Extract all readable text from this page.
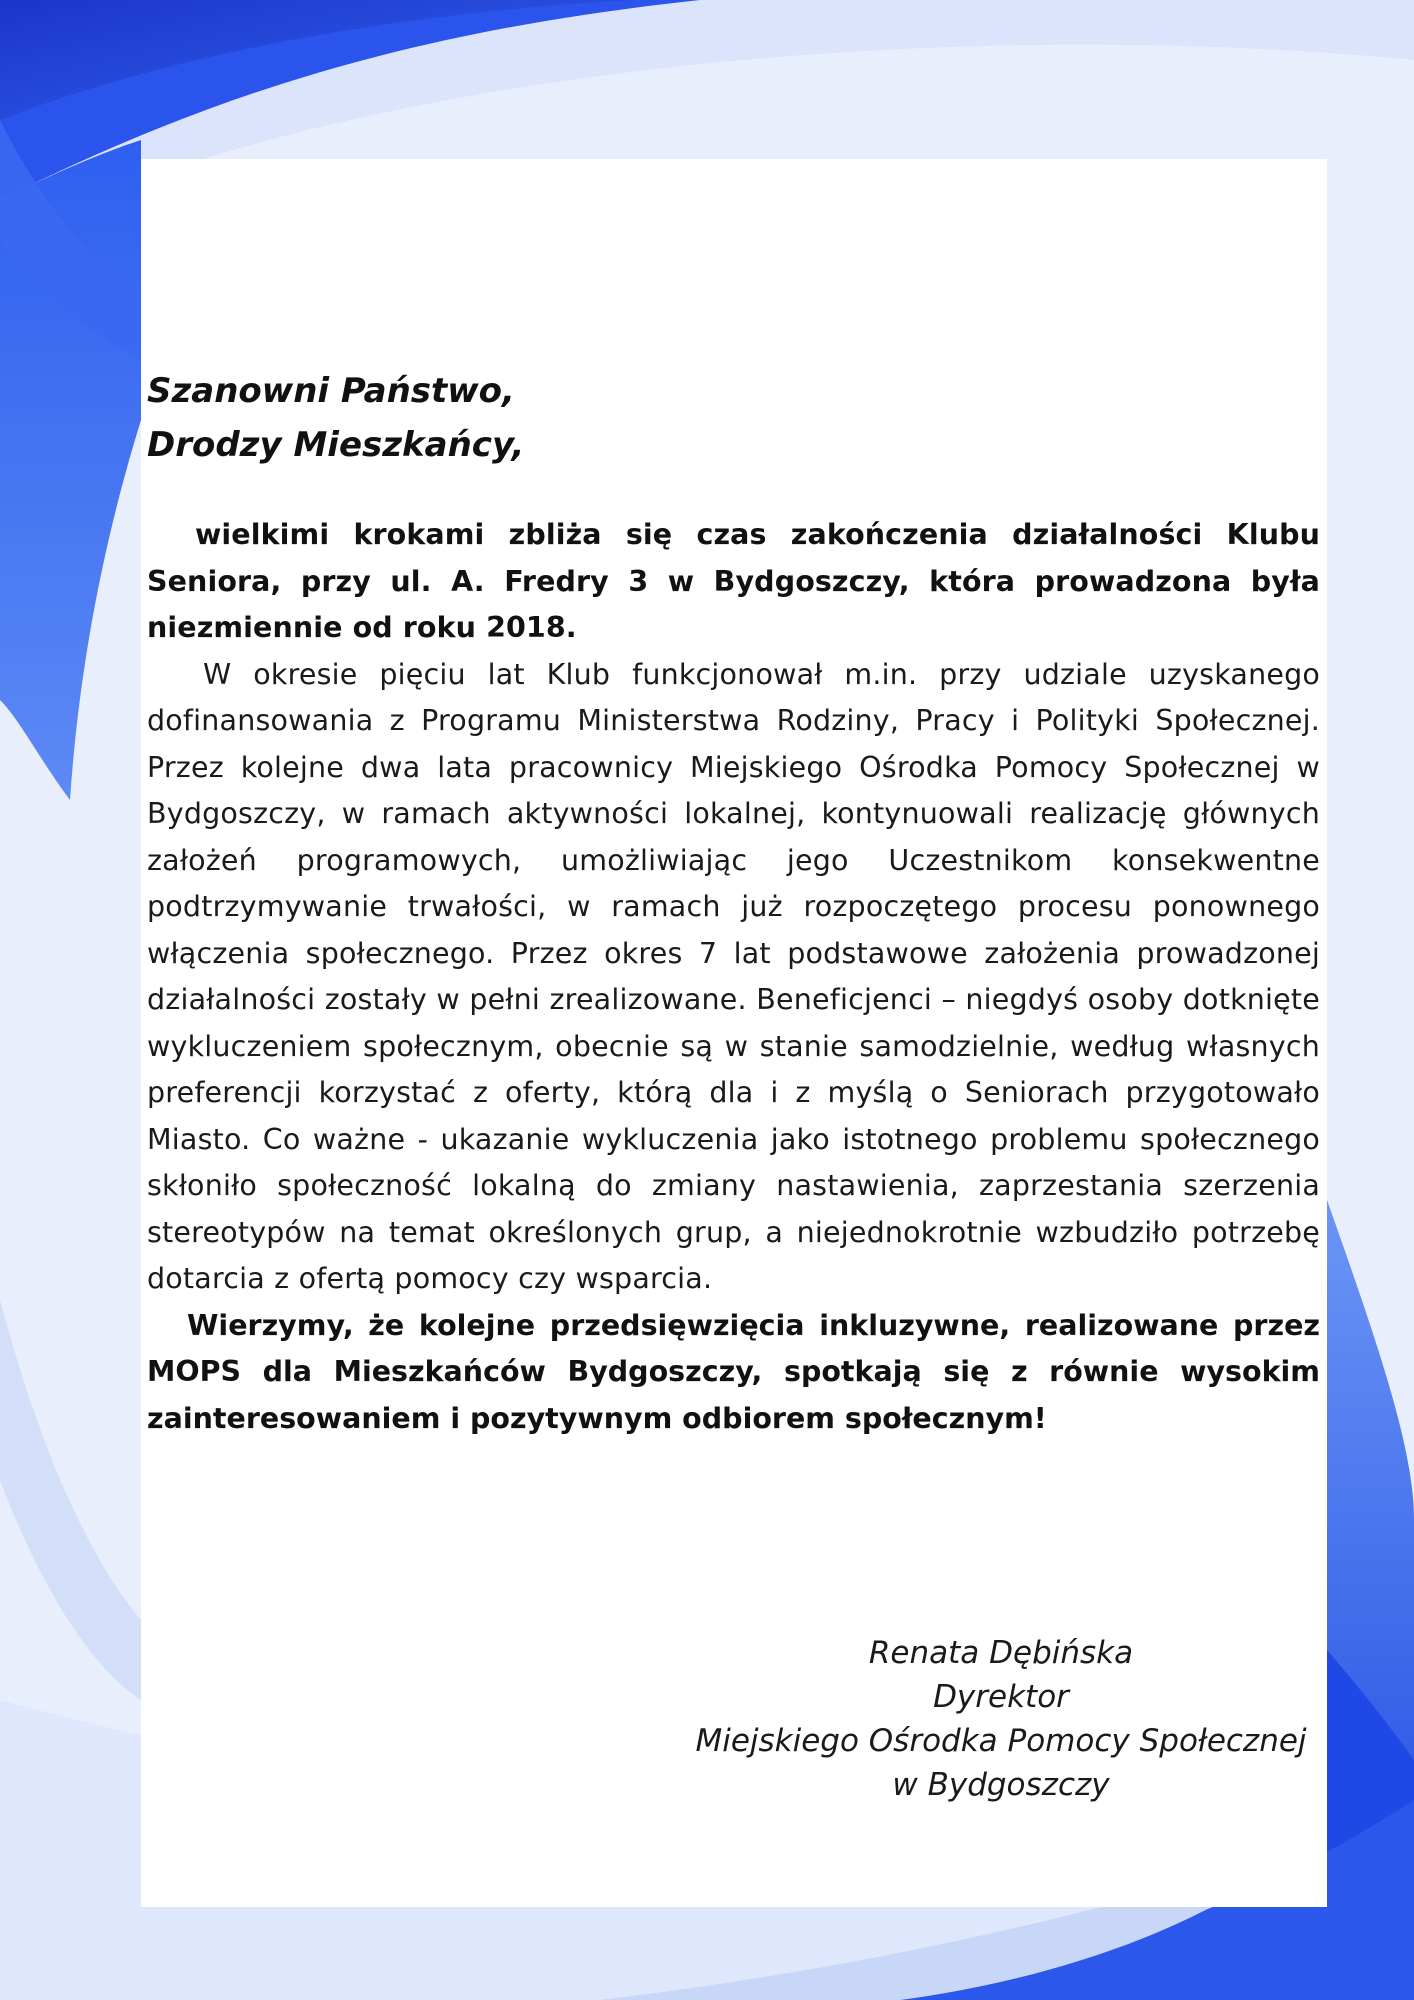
Szanowni Państwo,
Drodzy Mieszkańcy,

wielkimi krokami zbliża się czas zakończenia działalności Klubu Seniora, przy ul. A. Fredry 3 w Bydgoszczy, która prowadzona była niezmiennie od roku 2018.

W okresie pięciu lat Klub funkcjonował m.in. przy udziale uzyskanego dofinansowania z Programu Ministerstwa Rodziny, Pracy i Polityki Społecznej. Przez kolejne dwa lata pracownicy Miejskiego Ośrodka Pomocy Społecznej w Bydgoszczy, w ramach aktywności lokalnej, kontynuowali realizację głównych założeń programowych, umożliwiając jego Uczestnikom konsekwentne podtrzymywanie trwałości, w ramach już rozpoczętego procesu ponownego włączenia społecznego. Przez okres 7 lat podstawowe założenia prowadzonej działalności zostały w pełni zrealizowane. Beneficjenci – niegdyś osoby dotknięte wykluczeniem społecznym, obecnie są w stanie samodzielnie, według własnych preferencji korzystać z oferty, którą dla i z myślą o Seniorach przygotowało Miasto. Co ważne - ukazanie wykluczenia jako istotnego problemu społecznego skłoniło społeczność lokalną do zmiany nastawienia, zaprzestania szerzenia stereotypów na temat określonych grup, a niejednokrotnie wzbudziło potrzebę dotarcia z ofertą pomocy czy wsparcia.

Wierzymy, że kolejne przedsięwzięcia inkluzywne, realizowane przez MOPS dla Mieszkańców Bydgoszczy, spotkają się z równie wysokim zainteresowaniem i pozytywnym odbiorem społecznym!

Renata Dębińska
Dyrektor
Miejskiego Ośrodka Pomocy Społecznej
w Bydgoszczy
